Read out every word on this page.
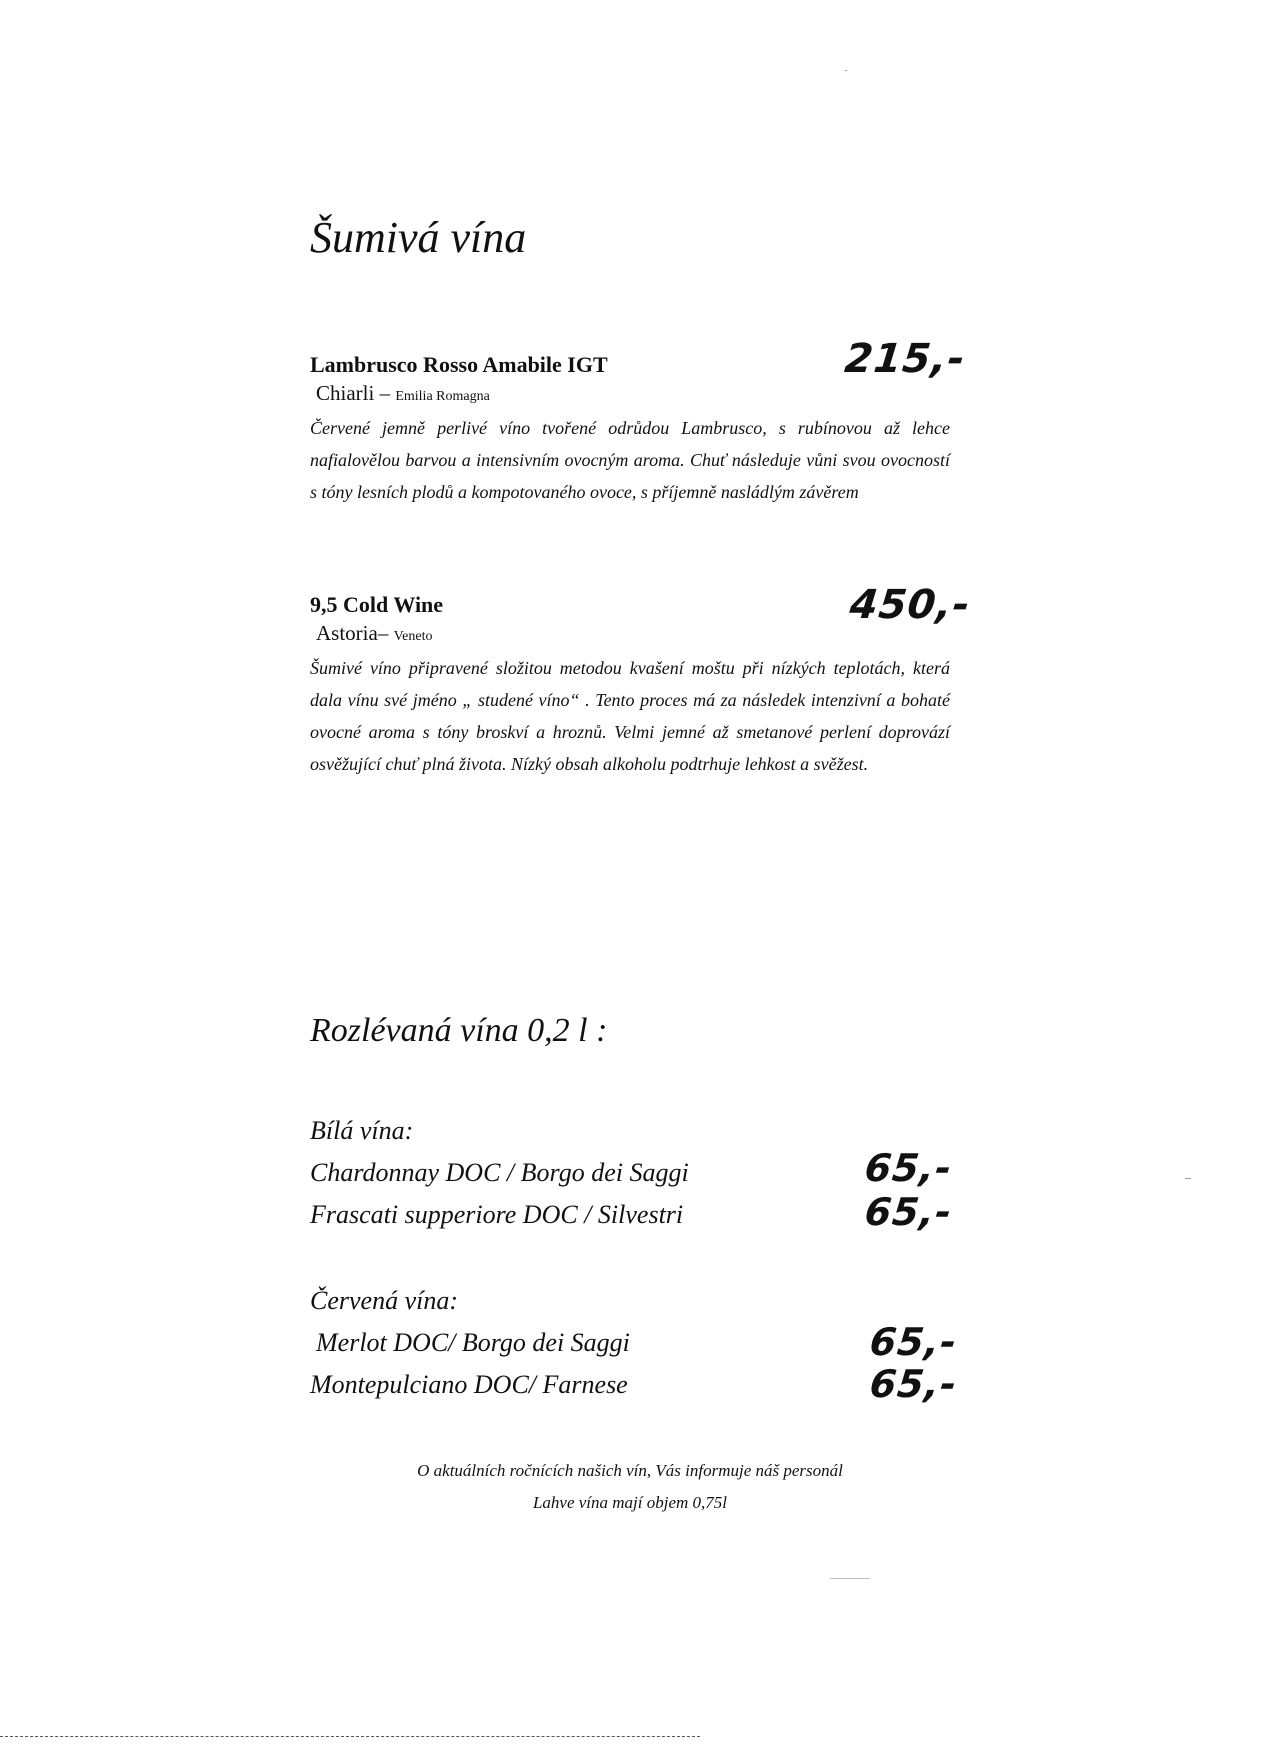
Šumivá vína
Lambrusco Rosso Amabile IGT
Chiarli – Emilia Romagna
Červené jemně perlivé víno tvořené odrůdou Lambrusco, s rubínovou až lehce nafialovělou barvou a intensivním ovocným aroma. Chuť následuje vůni svou ovocností s tóny lesních plodů a kompotovaného ovoce, s příjemně nasládlým závěrem
215,-
9,5 Cold Wine
Astoria– Veneto
Šumivé víno připravené složitou metodou kvašení moštu při nízkých teplotách, která dala vínu své jméno „ studené víno“ . Tento proces má za následek intenzivní a bohaté ovocné aroma s tóny broskví a hroznů. Velmi jemné až smetanové perlení doprovází osvěžující chuť plná života. Nízký obsah alkoholu podtrhuje lehkost a svěžest.
450,-
Rozlévaná vína 0,2 l :
Bílá vína:
Chardonnay DOC / Borgo dei Saggi	65,-
Frascati supperiore DOC / Silvestri	65,-
Červená vína:
Merlot DOC/ Borgo dei Saggi	65,-
Montepulciano DOC/ Farnese	65,-
O aktuálních ročnících našich vín, Vás informuje náš personál
Lahve vína mají objem 0,75l
